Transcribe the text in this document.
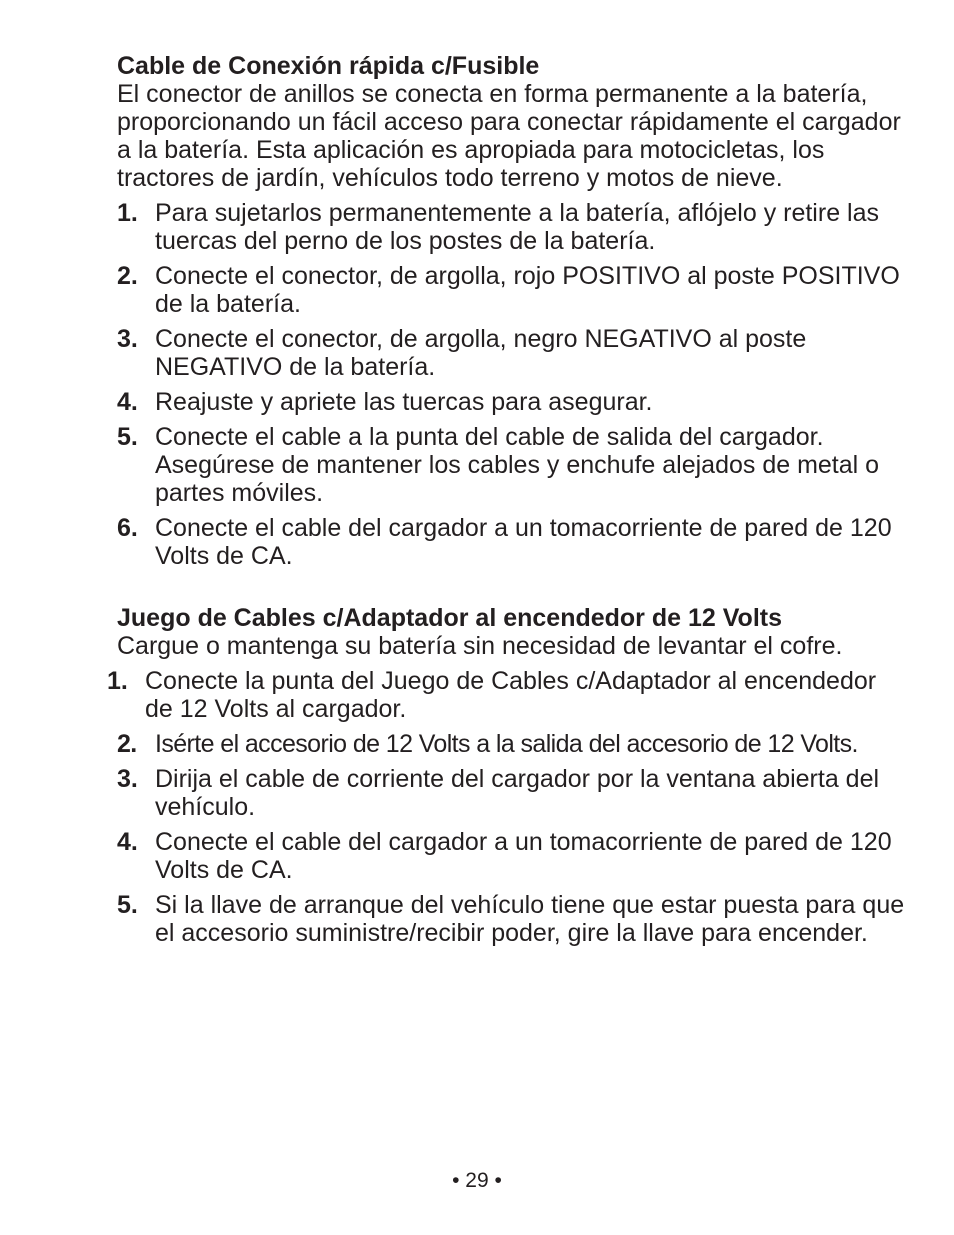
Cable de Conexión rápida c/Fusible

El conector de anillos se conecta en forma permanente a la batería, proporcionando un fácil acceso para conectar rápidamente el cargador a la batería. Esta aplicación es apropiada para motocicletas, los tractores de jardín, vehículos todo terreno y motos de nieve.

1. Para sujetarlos permanentemente a la batería, aflójelo y retire las tuercas del perno de los postes de la batería.
2. Conecte el conector, de argolla, rojo POSITIVO al poste POSITIVO de la batería.
3. Conecte el conector, de argolla, negro NEGATIVO al poste NEGATIVO de la batería.
4. Reajuste y apriete las tuercas para asegurar.
5. Conecte el cable a la punta del cable de salida del cargador. Asegúrese de mantener los cables y enchufe alejados de metal o partes móviles.
6. Conecte el cable del cargador a un tomacorriente de pared de 120 Volts de CA.

Juego de Cables c/Adaptador al encendedor de 12 Volts

Cargue o mantenga su batería sin necesidad de levantar el cofre.

1. Conecte la punta del Juego de Cables c/Adaptador al encendedor de 12 Volts al cargador.
2. Isérte el accesorio de 12 Volts a la salida del accesorio de 12 Volts.
3. Dirija el cable de corriente del cargador por la ventana abierta del vehículo.
4. Conecte el cable del cargador a un tomacorriente de pared de 120 Volts de CA.
5. Si la llave de arranque del vehículo tiene que estar puesta para que el accesorio suministre/recibir poder, gire la llave para encender.
• 29 •
